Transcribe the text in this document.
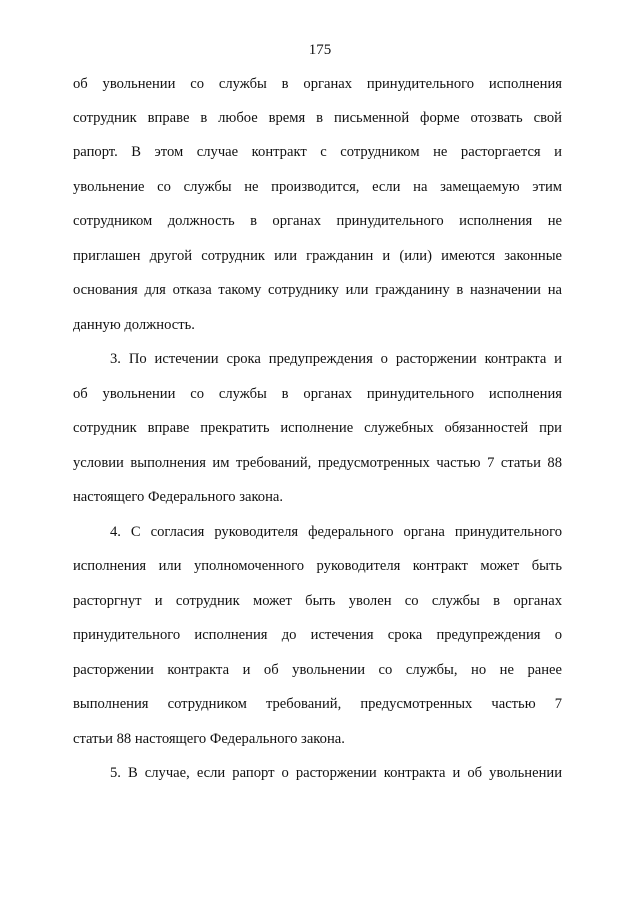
175
об увольнении со службы в органах принудительного исполнения
сотрудник вправе в любое время в письменной форме отозвать свой
рапорт. В этом случае контракт с сотрудником не расторгается и
увольнение со службы не производится, если на замещаемую этим
сотрудником должность в органах принудительного исполнения не
приглашен другой сотрудник или гражданин и (или) имеются законные
основания для отказа такому сотруднику или гражданину в назначении на
данную должность.
3. По истечении срока предупреждения о расторжении контракта и
об увольнении со службы в органах принудительного исполнения
сотрудник вправе прекратить исполнение служебных обязанностей при
условии выполнения им требований, предусмотренных частью 7 статьи 88
настоящего Федерального закона.
4. С согласия руководителя федерального органа принудительного
исполнения или уполномоченного руководителя контракт может быть
расторгнут и сотрудник может быть уволен со службы в органах
принудительного исполнения до истечения срока предупреждения о
расторжении контракта и об увольнении со службы, но не ранее
выполнения сотрудником требований, предусмотренных частью 7
статьи 88 настоящего Федерального закона.
5. В случае, если рапорт о расторжении контракта и об увольнении
